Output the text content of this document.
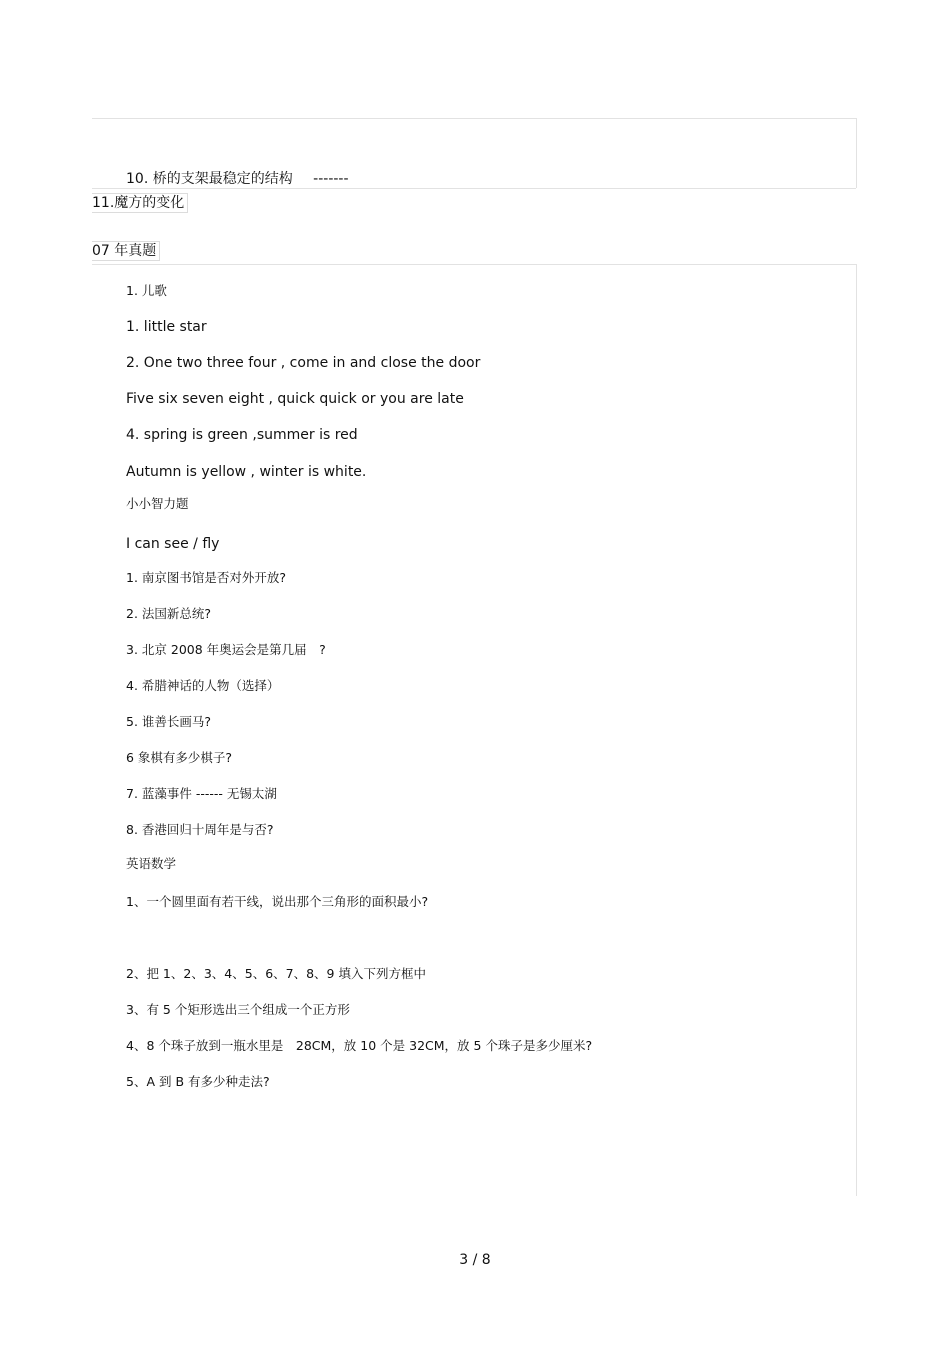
10. 桥的支架最稳定的结构 -------
11.魔方的变化
07 年真题
1. 儿歌
1. little star
2. One two three four , come in and close the door
Five six seven eight , quick quick or you are late
4. spring is green ,summer is red
Autumn is yellow , winter is white.
小小智力题
I can see / fly
1. 南京图书馆是否对外开放?
2. 法国新总统?
3. 北京 2008 年奥运会是第几届　?
4. 希腊神话的人物（选择）
5. 谁善长画马?
6 象棋有多少棋子?
7. 蓝藻事件 ------ 无锡太湖
8. 香港回归十周年是与否?
英语数学
1、一个圆里面有若干线，说出那个三角形的面积最小?
2、把 1、2、3、4、5、6、7、8、9 填入下列方框中
3、有 5 个矩形选出三个组成一个正方形
4、8 个珠子放到一瓶水里是　28CM，放 10 个是 32CM，放 5 个珠子是多少厘米?
5、A 到 B 有多少种走法?
3 / 8
